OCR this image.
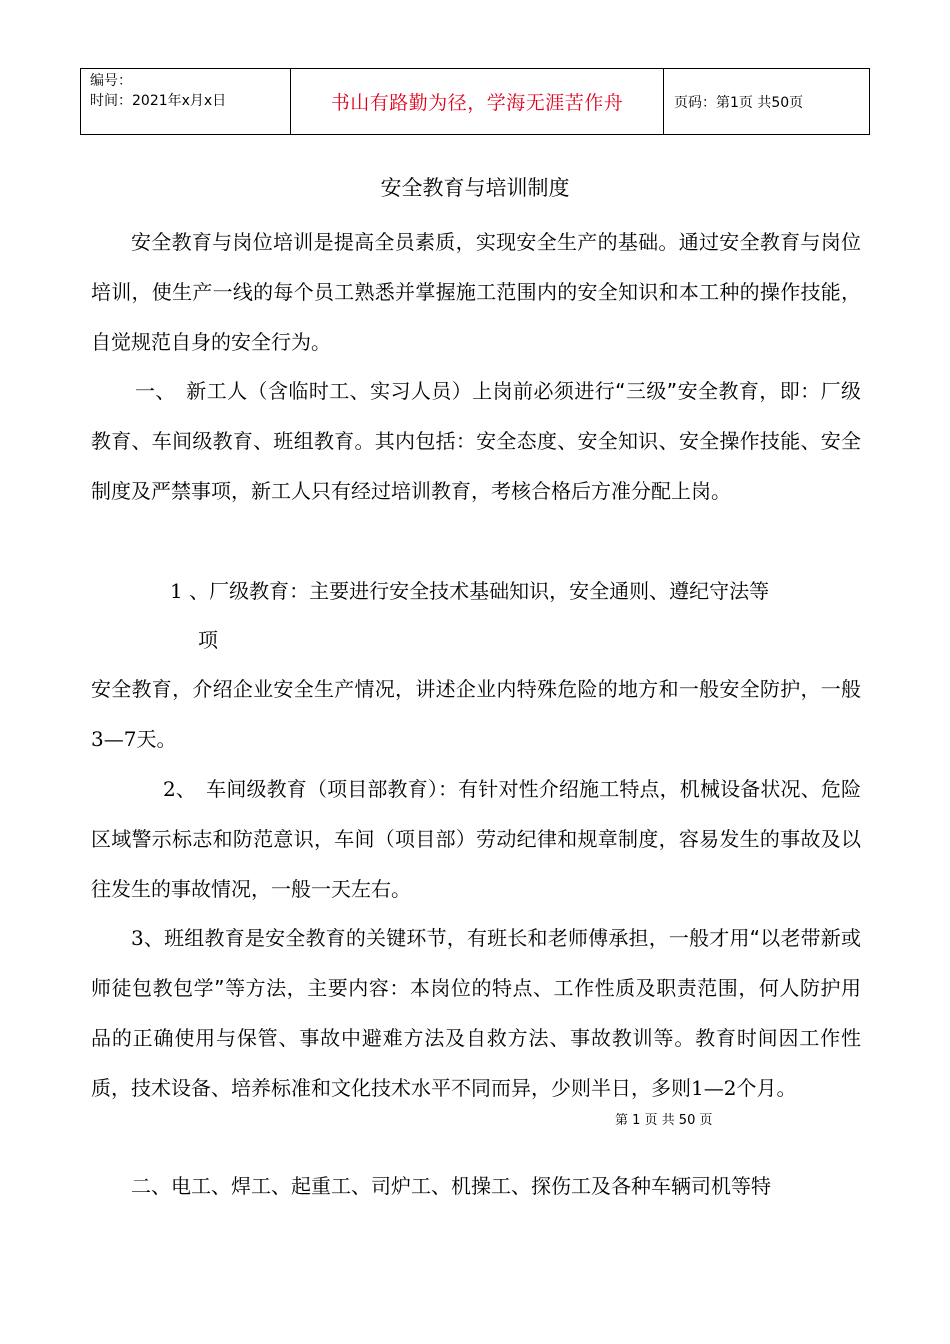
编号：
时间：2021年x月x日	书山有路勤为径，学海无涯苦作舟	页码：第1页 共50页
安全教育与培训制度

安全教育与岗位培训是提高全员素质，实现安全生产的基础。通过安全教育与岗位培训，使生产一线的每个员工熟悉并掌握施工范围内的安全知识和本工种的操作技能，自觉规范自身的安全行为。

一、　新工人（含临时工、实习人员）上岗前必须进行“三级”安全教育，即：厂级教育、车间级教育、班组教育。其内包括：安全态度、安全知识、安全操作技能、安全制度及严禁事项，新工人只有经过培训教育，考核合格后方准分配上岗。

1 、厂级教育：主要进行安全技术基础知识，安全通则、遵纪守法等

项

安全教育，介绍企业安全生产情况，讲述企业内特殊危险的地方和一般安全防护，一般3—7天。

2、　车间级教育（项目部教育）：有针对性介绍施工特点，机械设备状况、危险区域警示标志和防范意识，车间（项目部）劳动纪律和规章制度，容易发生的事故及以往发生的事故情况，一般一天左右。

3、班组教育是安全教育的关键环节，有班长和老师傅承担，一般才用“以老带新或师徒包教包学”等方法，主要内容：本岗位的特点、工作性质及职责范围，何人防护用品的正确使用与保管、事故中避难方法及自救方法、事故教训等。教育时间因工作性质，技术设备、培养标准和文化技术水平不同而异，少则半日，多则1—2个月。

二、电工、焊工、起重工、司炉工、机操工、探伤工及各种车辆司机等特

第 1 页 共 50 页
